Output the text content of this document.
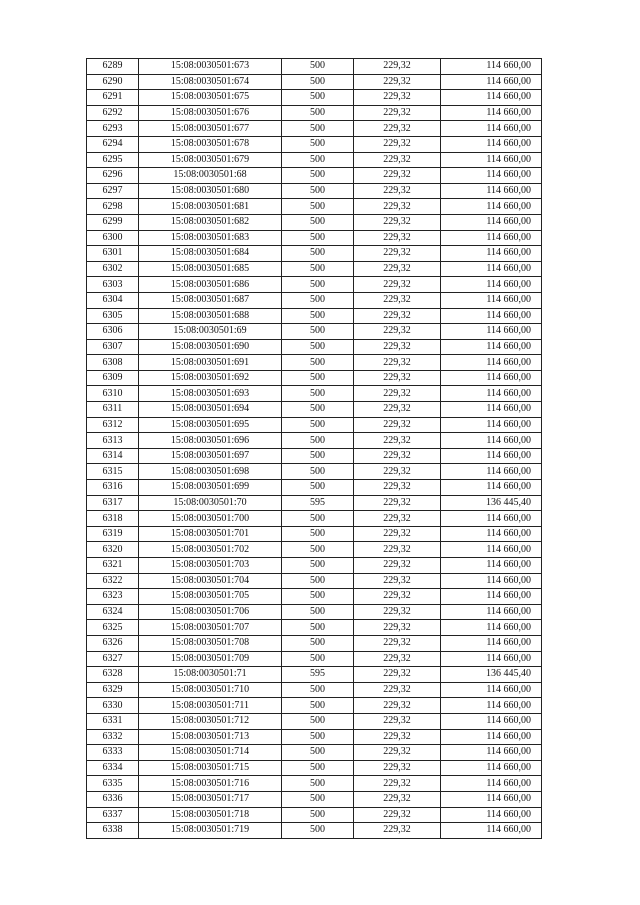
6289	15:08:0030501:673	500	229,32	114 660,00
6290	15:08:0030501:674	500	229,32	114 660,00
6291	15:08:0030501:675	500	229,32	114 660,00
6292	15:08:0030501:676	500	229,32	114 660,00
6293	15:08:0030501:677	500	229,32	114 660,00
6294	15:08:0030501:678	500	229,32	114 660,00
6295	15:08:0030501:679	500	229,32	114 660,00
6296	15:08:0030501:68	500	229,32	114 660,00
6297	15:08:0030501:680	500	229,32	114 660,00
6298	15:08:0030501:681	500	229,32	114 660,00
6299	15:08:0030501:682	500	229,32	114 660,00
6300	15:08:0030501:683	500	229,32	114 660,00
6301	15:08:0030501:684	500	229,32	114 660,00
6302	15:08:0030501:685	500	229,32	114 660,00
6303	15:08:0030501:686	500	229,32	114 660,00
6304	15:08:0030501:687	500	229,32	114 660,00
6305	15:08:0030501:688	500	229,32	114 660,00
6306	15:08:0030501:69	500	229,32	114 660,00
6307	15:08:0030501:690	500	229,32	114 660,00
6308	15:08:0030501:691	500	229,32	114 660,00
6309	15:08:0030501:692	500	229,32	114 660,00
6310	15:08:0030501:693	500	229,32	114 660,00
6311	15:08:0030501:694	500	229,32	114 660,00
6312	15:08:0030501:695	500	229,32	114 660,00
6313	15:08:0030501:696	500	229,32	114 660,00
6314	15:08:0030501:697	500	229,32	114 660,00
6315	15:08:0030501:698	500	229,32	114 660,00
6316	15:08:0030501:699	500	229,32	114 660,00
6317	15:08:0030501:70	595	229,32	136 445,40
6318	15:08:0030501:700	500	229,32	114 660,00
6319	15:08:0030501:701	500	229,32	114 660,00
6320	15:08:0030501:702	500	229,32	114 660,00
6321	15:08:0030501:703	500	229,32	114 660,00
6322	15:08:0030501:704	500	229,32	114 660,00
6323	15:08:0030501:705	500	229,32	114 660,00
6324	15:08:0030501:706	500	229,32	114 660,00
6325	15:08:0030501:707	500	229,32	114 660,00
6326	15:08:0030501:708	500	229,32	114 660,00
6327	15:08:0030501:709	500	229,32	114 660,00
6328	15:08:0030501:71	595	229,32	136 445,40
6329	15:08:0030501:710	500	229,32	114 660,00
6330	15:08:0030501:711	500	229,32	114 660,00
6331	15:08:0030501:712	500	229,32	114 660,00
6332	15:08:0030501:713	500	229,32	114 660,00
6333	15:08:0030501:714	500	229,32	114 660,00
6334	15:08:0030501:715	500	229,32	114 660,00
6335	15:08:0030501:716	500	229,32	114 660,00
6336	15:08:0030501:717	500	229,32	114 660,00
6337	15:08:0030501:718	500	229,32	114 660,00
6338	15:08:0030501:719	500	229,32	114 660,00
